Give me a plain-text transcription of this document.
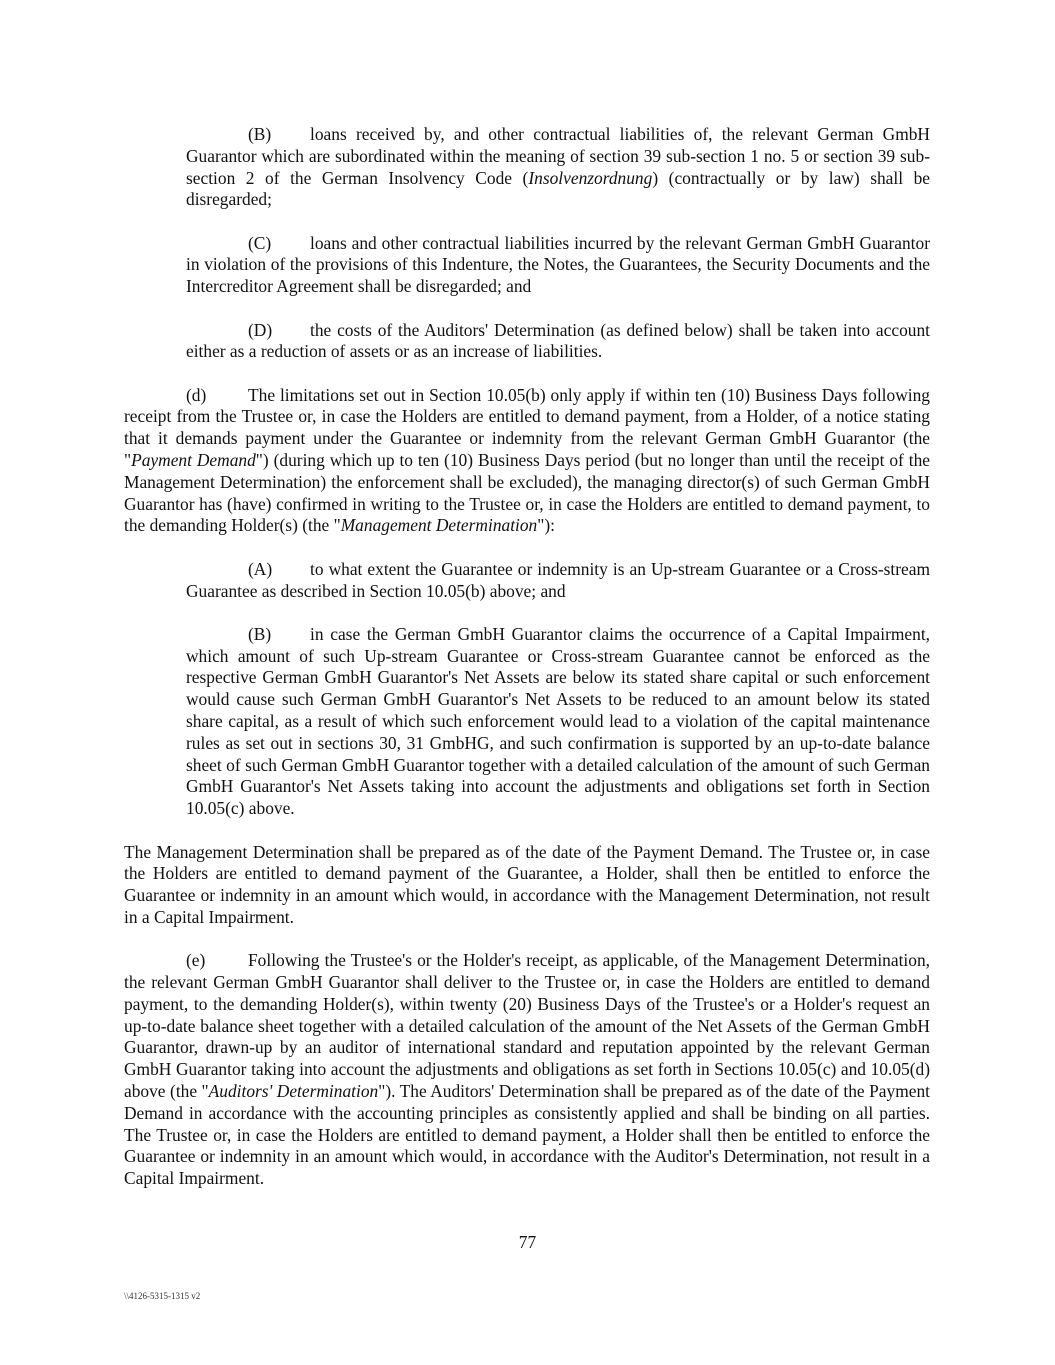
(B) loans received by, and other contractual liabilities of, the relevant German GmbH Guarantor which are subordinated within the meaning of section 39 sub-section 1 no. 5 or section 39 sub-section 2 of the German Insolvency Code (Insolvenzordnung) (contractually or by law) shall be disregarded;

(C) loans and other contractual liabilities incurred by the relevant German GmbH Guarantor in violation of the provisions of this Indenture, the Notes, the Guarantees, the Security Documents and the Intercreditor Agreement shall be disregarded; and

(D) the costs of the Auditors' Determination (as defined below) shall be taken into account either as a reduction of assets or as an increase of liabilities.

(d) The limitations set out in Section 10.05(b) only apply if within ten (10) Business Days following receipt from the Trustee or, in case the Holders are entitled to demand payment, from a Holder, of a notice stating that it demands payment under the Guarantee or indemnity from the relevant German GmbH Guarantor (the "Payment Demand") (during which up to ten (10) Business Days period (but no longer than until the receipt of the Management Determination) the enforcement shall be excluded), the managing director(s) of such German GmbH Guarantor has (have) confirmed in writing to the Trustee or, in case the Holders are entitled to demand payment, to the demanding Holder(s) (the "Management Determination"):

(A) to what extent the Guarantee or indemnity is an Up-stream Guarantee or a Cross-stream Guarantee as described in Section 10.05(b) above; and

(B) in case the German GmbH Guarantor claims the occurrence of a Capital Impairment, which amount of such Up-stream Guarantee or Cross-stream Guarantee cannot be enforced as the respective German GmbH Guarantor's Net Assets are below its stated share capital or such enforcement would cause such German GmbH Guarantor's Net Assets to be reduced to an amount below its stated share capital, as a result of which such enforcement would lead to a violation of the capital maintenance rules as set out in sections 30, 31 GmbHG, and such confirmation is supported by an up-to-date balance sheet of such German GmbH Guarantor together with a detailed calculation of the amount of such German GmbH Guarantor's Net Assets taking into account the adjustments and obligations set forth in Section 10.05(c) above.

The Management Determination shall be prepared as of the date of the Payment Demand. The Trustee or, in case the Holders are entitled to demand payment of the Guarantee, a Holder, shall then be entitled to enforce the Guarantee or indemnity in an amount which would, in accordance with the Management Determination, not result in a Capital Impairment.

(e) Following the Trustee's or the Holder's receipt, as applicable, of the Management Determination, the relevant German GmbH Guarantor shall deliver to the Trustee or, in case the Holders are entitled to demand payment, to the demanding Holder(s), within twenty (20) Business Days of the Trustee's or a Holder's request an up-to-date balance sheet together with a detailed calculation of the amount of the Net Assets of the German GmbH Guarantor, drawn-up by an auditor of international standard and reputation appointed by the relevant German GmbH Guarantor taking into account the adjustments and obligations as set forth in Sections 10.05(c) and 10.05(d) above (the "Auditors' Determination"). The Auditors' Determination shall be prepared as of the date of the Payment Demand in accordance with the accounting principles as consistently applied and shall be binding on all parties. The Trustee or, in case the Holders are entitled to demand payment, a Holder shall then be entitled to enforce the Guarantee or indemnity in an amount which would, in accordance with the Auditor's Determination, not result in a Capital Impairment.

77
\\4126-5315-1315 v2
